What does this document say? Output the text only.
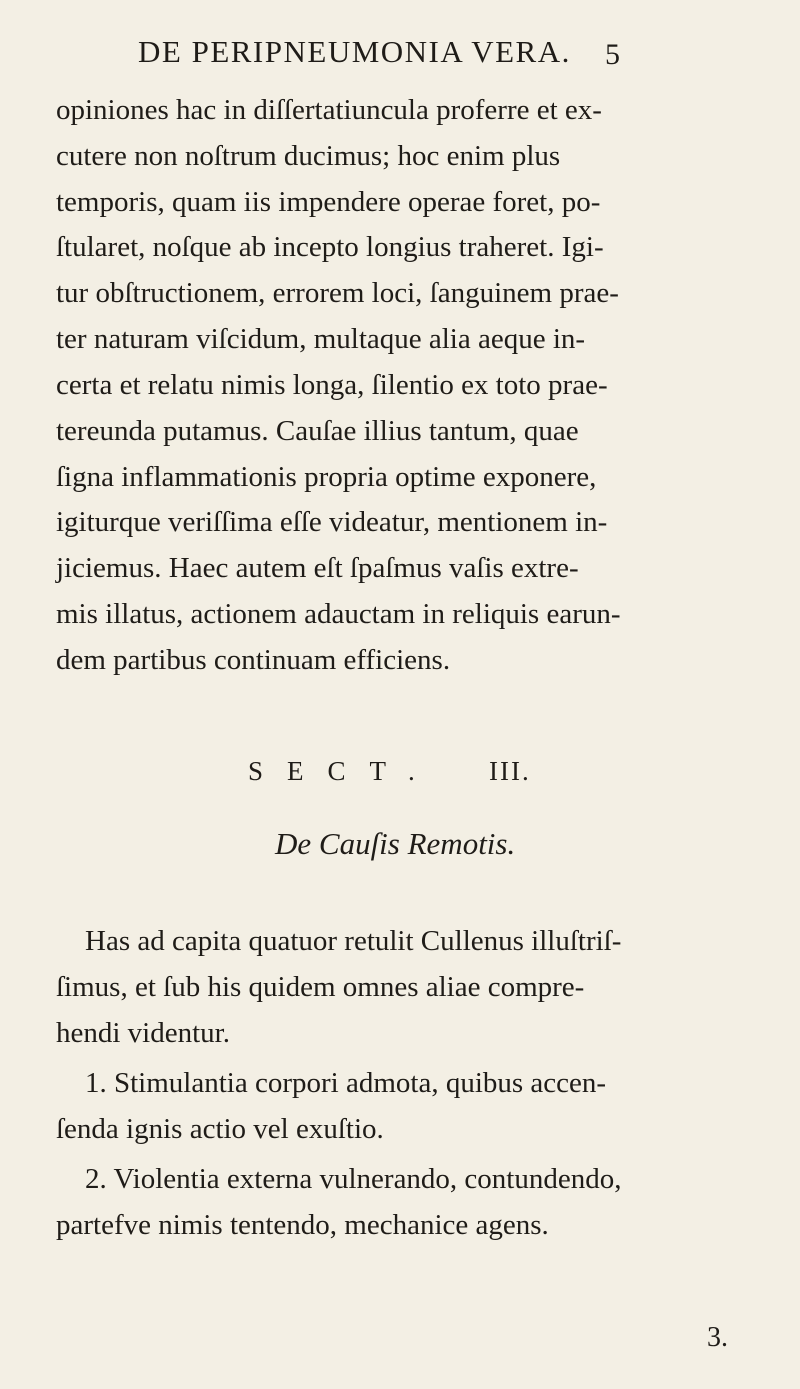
DE PERIPNEUMONIA VERA. 5
opiniones hac in diſſertatiuncula proferre et ex-
cutere non noſtrum ducimus; hoc enim plus
temporis, quam iis impendere operae foret, po-
ſtularet, noſque ab incepto longius traheret. Igi-
tur obſtructionem, errorem loci, ſanguinem prae-
ter naturam viſcidum, multaque alia aeque in-
certa et relatu nimis longa, ſilentio ex toto prae-
tereunda putamus. Cauſae illius tantum, quae
ſigna inflammationis propria optime exponere,
igiturque veriſſima eſſe videatur, mentionem in-
jiciemus. Haec autem eſt ſpaſmus vaſis extre-
mis illatus, actionem adauctam in reliquis earun-
dem partibus continuam efficiens.
SECT. III.
De Cauſis Remotis.
Has ad capita quatuor retulit Cullenus illuſtriſ-
ſimus, et ſub his quidem omnes aliae compre-
hendi videntur.
1. Stimulantia corpori admota, quibus accen-
ſenda ignis actio vel exuſtio.
2. Violentia externa vulnerando, contundendo,
partefve nimis tentendo, mechanice agens.
3.
